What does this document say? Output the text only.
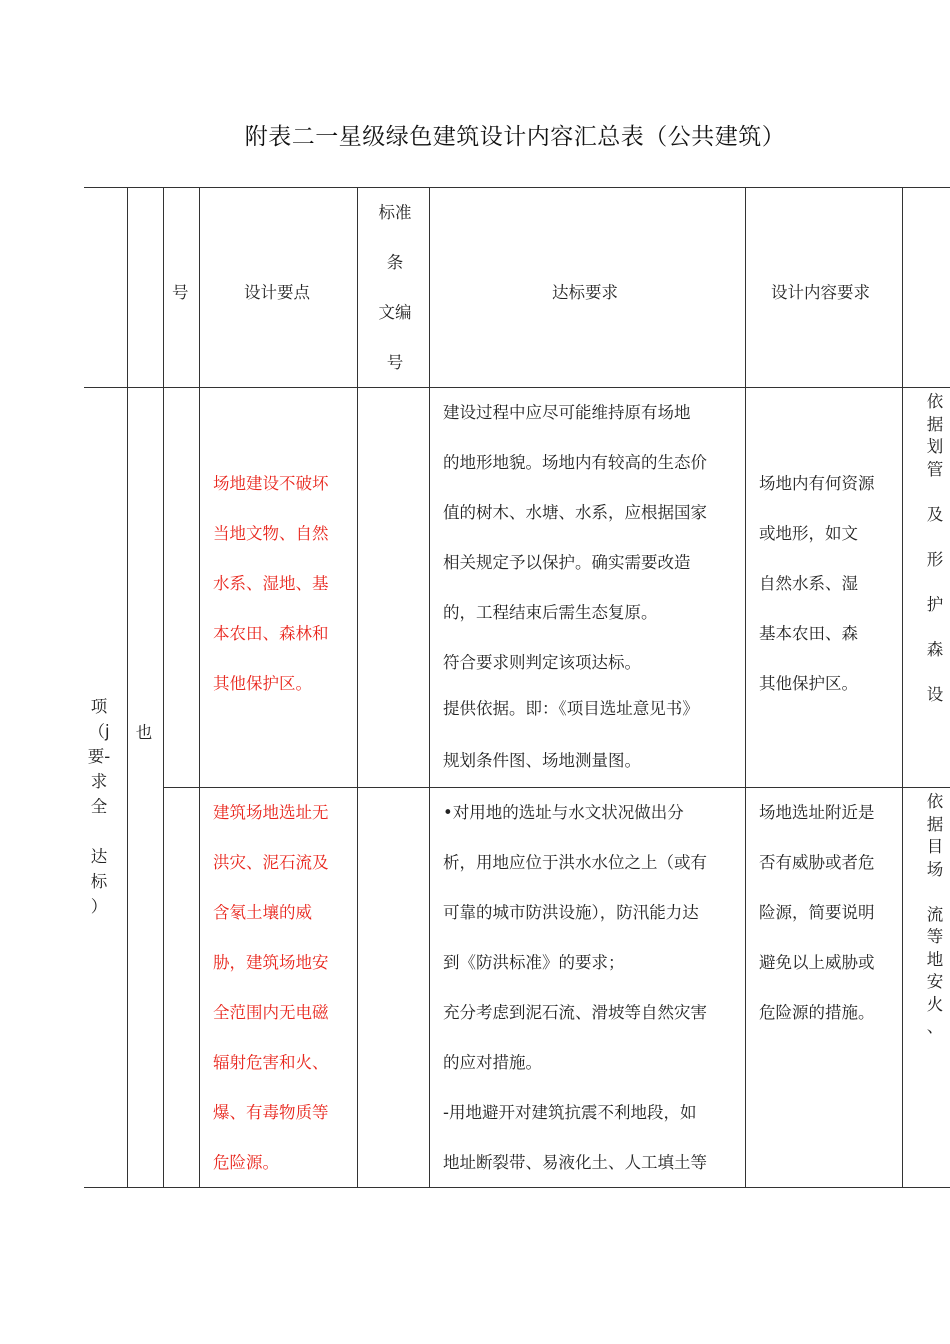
附表二一星级绿色建筑设计内容汇总表（公共建筑）
号	设计要点
标准
条
文编
号
达标要求	设计内容要求
项
（j
要-
求
全

达
标
）
也
场地建设不破坏
当地文物、自然
水系、湿地、基
本农田、森林和
其他保护区。
建设过程中应尽可能维持原有场地
的地形地貌。场地内有较高的生态价
值的树木、水塘、水系，应根据国家
相关规定予以保护。确实需要改造
的，工程结束后需生态复原。
符合要求则判定该项达标。
提供依据。即：《项目选址意见书》
规划条件图、场地测量图。
场地内有何资源
或地形，如文
自然水系、湿
基本农田、森
其他保护区。
依
据
划
管

及

形

护

森

设
建筑场地选址无
洪灾、泥石流及
含氡土壤的威
胁，建筑场地安
全范围内无电磁
辐射危害和火、
爆、有毒物质等
危险源。
•对用地的选址与水文状况做出分
析，用地应位于洪水水位之上（或有
可靠的城市防洪设施），防汛能力达
到《防洪标准》的要求；
充分考虑到泥石流、滑坡等自然灾害
的应对措施。
-用地避开对建筑抗震不利地段，如
地址断裂带、易液化土、人工填土等
场地选址附近是
否有威胁或者危
险源，简要说明
避免以上威胁或
危险源的措施。
依
据
目
场

流
等
地
安
火
、
